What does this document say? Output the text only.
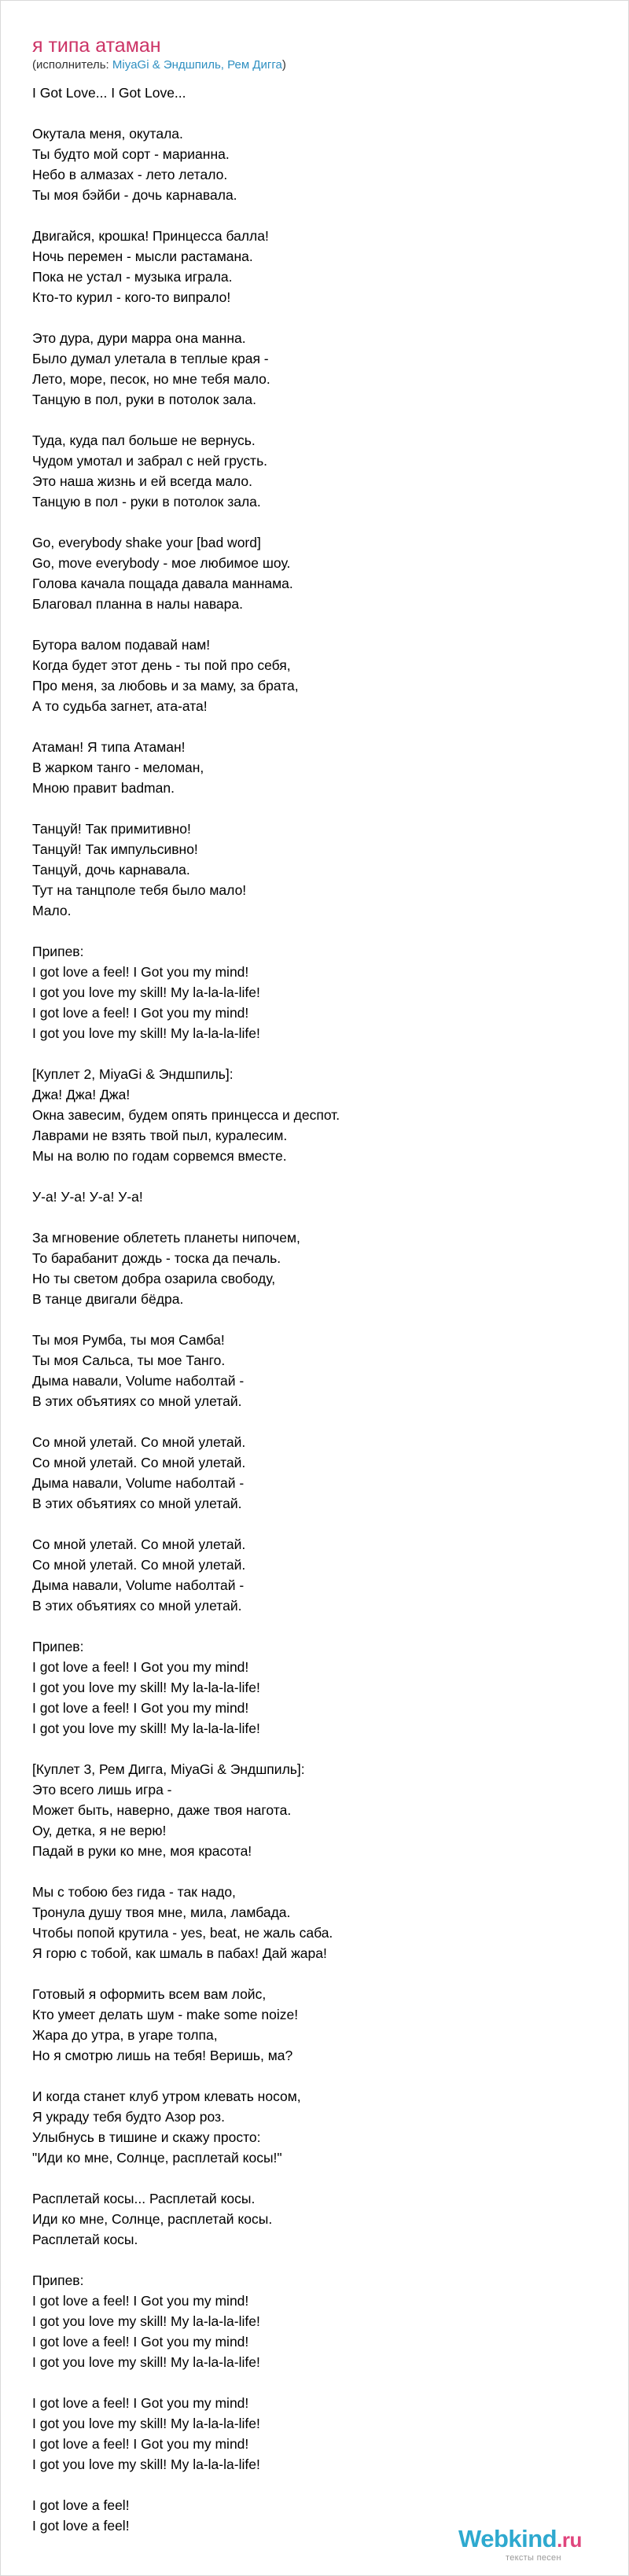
я типа атаман
(исполнитель: MiyaGi & Эндшпиль, Рем Дигга)
I Got Love... I Got Love...
Окутала меня, окутала.
Ты будто мой сорт - марианна.
Небо в алмазах - лето летало.
Ты моя бэйби - дочь карнавала.
Двигайся, крошка! Принцесса балла!
Ночь перемен - мысли растамана.
Пока не устал - музыка играла.
Кто-то курил - кого-то випрало!
Это дура, дури марра она манна.
Было думал улетала в теплые края -
Лето, море, песок, но мне тебя мало.
Танцую в пол, руки в потолок зала.
Туда, куда пал больше не вернусь.
Чудом умотал и забрал с ней грусть.
Это наша жизнь и ей всегда мало.
Танцую в пол - руки в потолок зала.
Go, everybody shake your [bad word]
Go, move everybody - мое любимое шоу.
Голова качала пощада давала маннама.
Благовал планна в налы навара.
Бутора валом подавай нам!
Когда будет этот день - ты пой про себя,
Про меня, за любовь и за маму, за брата,
А то судьба загнет, ата-ата!
Атаман! Я типа Атаман!
В жарком танго - меломан,
Мною правит badman.
Танцуй! Так примитивно!
Танцуй! Так импульсивно!
Танцуй, дочь карнавала.
Тут на танцполе тебя было мало!
Мало.
Припев:
I got love a feel! I Got you my mind!
I got you love my skill! My la-la-la-life!
I got love a feel! I Got you my mind!
I got you love my skill! My la-la-la-life!
[Куплет 2, MiyaGi & Эндшпиль]:
Джа! Джа! Джа!
Окна завесим, будем опять принцесса и деспот.
Лаврами не взять твой пыл, куралесим.
Мы на волю по годам сорвемся вместе.
У-а! У-а! У-а! У-а!
За мгновение облететь планеты нипочем,
То барабанит дождь - тоска да печаль.
Но ты светом добра озарила свободу,
В танце двигали бёдра.
Ты моя Румба, ты моя Самба!
Ты моя Сальса, ты мое Танго.
Дыма навали, Volume наболтай -
В этих объятиях со мной улетай.
Со мной улетай. Со мной улетай.
Со мной улетай. Со мной улетай.
Дыма навали, Volume наболтай -
В этих объятиях со мной улетай.
Со мной улетай. Со мной улетай.
Со мной улетай. Со мной улетай.
Дыма навали, Volume наболтай -
В этих объятиях со мной улетай.
Припев:
I got love a feel! I Got you my mind!
I got you love my skill! My la-la-la-life!
I got love a feel! I Got you my mind!
I got you love my skill! My la-la-la-life!
[Куплет 3, Рем Дигга, MiyaGi & Эндшпиль]:
Это всего лишь игра -
Может быть, наверно, даже твоя нагота.
Оу, детка, я не верю!
Падай в руки ко мне, моя красота!
Мы с тобою без гида - так надо,
Тронула душу твоя мне, мила, ламбада.
Чтобы попой крутила - yes, beat, не жаль саба.
Я горю с тобой, как шмаль в пабах! Дай жара!
Готовый я оформить всем вам лойс,
Кто умеет делать шум - make some noize!
Жара до утра, в угаре толпа,
Но я смотрю лишь на тебя! Веришь, ма?
И когда станет клуб утром клевать носом,
Я украду тебя будто Азор роз.
Улыбнусь в тишине и скажу просто:
"Иди ко мне, Солнце, расплетай косы!"
Расплетай косы... Расплетай косы.
Иди ко мне, Солнце, расплетай косы.
Расплетай косы.
Припев:
I got love a feel! I Got you my mind!
I got you love my skill! My la-la-la-life!
I got love a feel! I Got you my mind!
I got you love my skill! My la-la-la-life!
I got love a feel! I Got you my mind!
I got you love my skill! My la-la-la-life!
I got love a feel! I Got you my mind!
I got you love my skill! My la-la-la-life!
I got love a feel!
I got love a feel!	Webkind.ru
тексты песен
